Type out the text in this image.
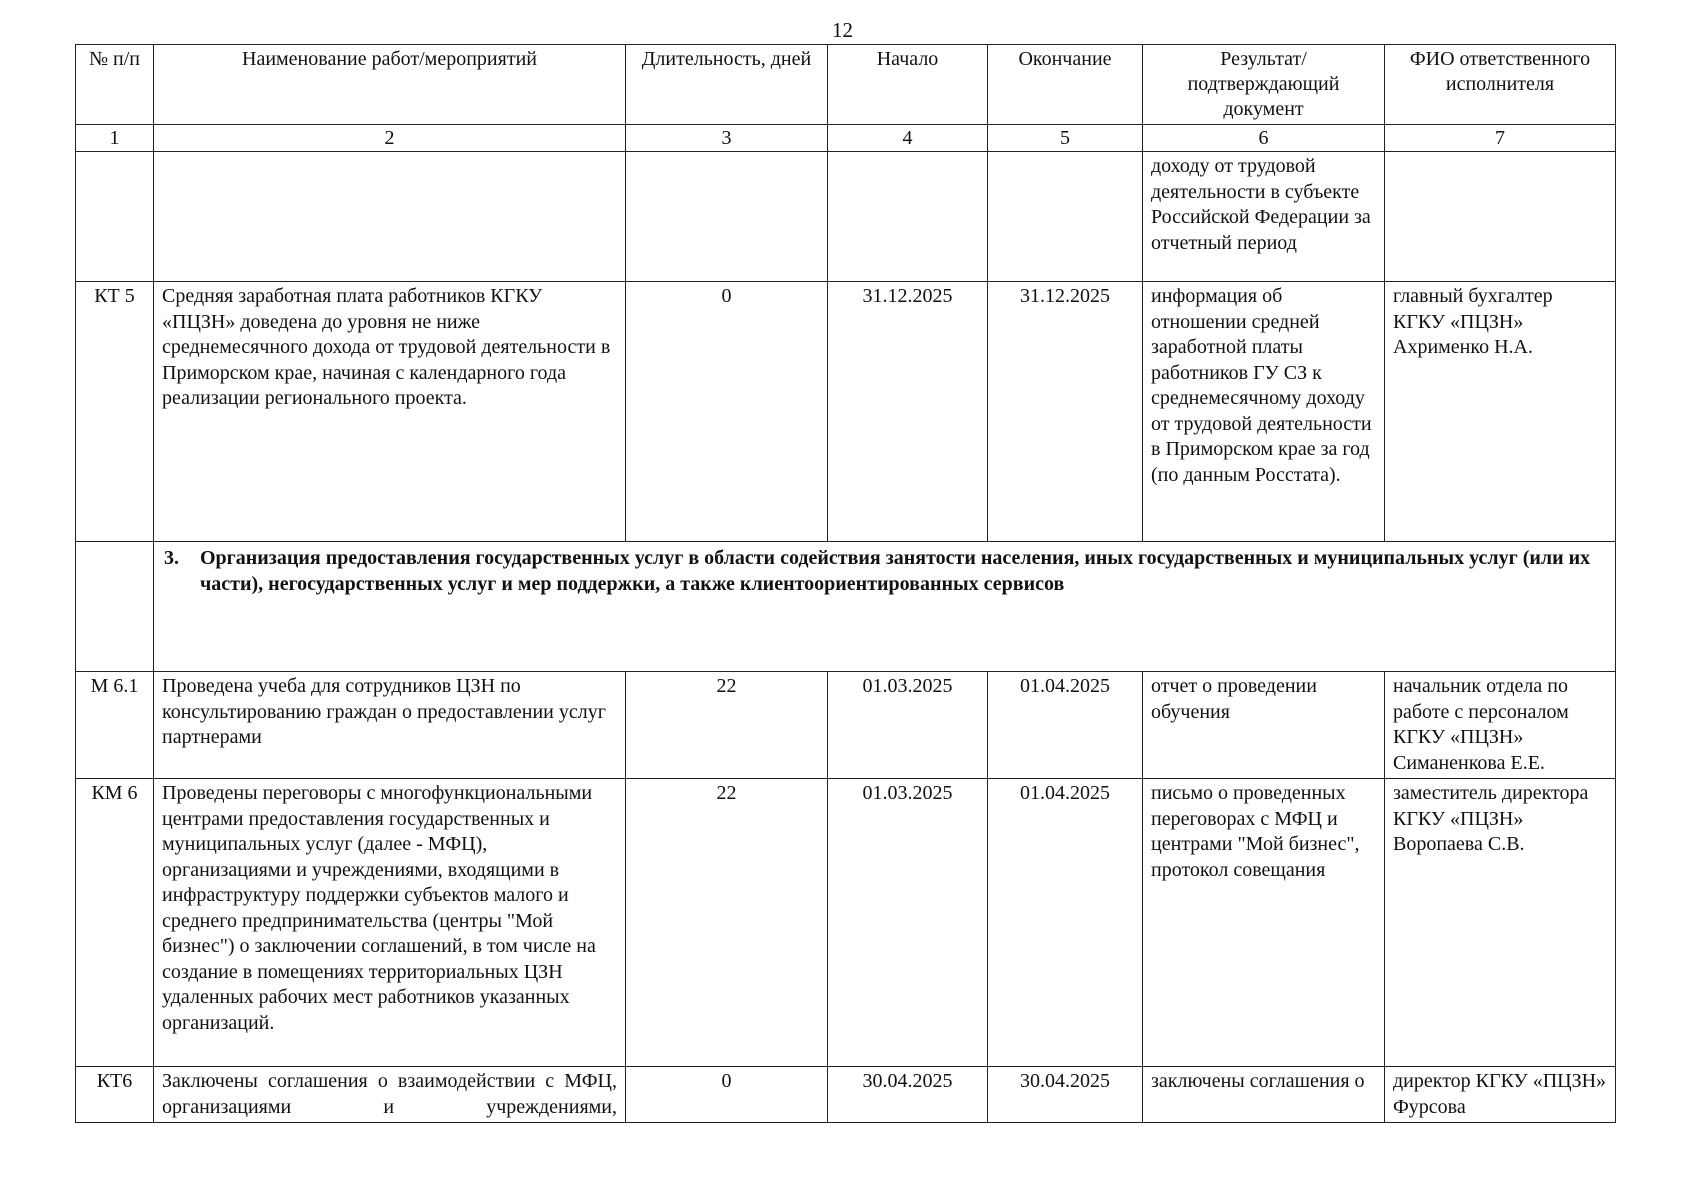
12
№ п/п	Наименование работ/мероприятий	Длительность, дней	Начало	Окончание	Результат/ подтверждающий документ	ФИО ответственного исполнителя
1	2	3	4	5	6	7
					доходу от трудовой деятельности в субъекте Российской Федерации за отчетный период	
КТ 5	Средняя заработная плата работников КГКУ «ПЦЗН» доведена до уровня не ниже среднемесячного дохода от трудовой деятельности в Приморском крае, начиная с календарного года реализации регионального проекта.	0	31.12.2025	31.12.2025	информация об отношении средней заработной платы работников ГУ СЗ к среднемесячному доходу от трудовой деятельности в Приморском крае за год (по данным Росстата).	главный бухгалтер КГКУ «ПЦЗН» Ахрименко Н.А.

	3. Организация предоставления государственных услуг в области содействия занятости населения, иных государственных и муниципальных услуг (или их части), негосударственных услуг и мер поддержки, а также клиентоориентированных сервисов					

М 6.1	Проведена учеба для сотрудников ЦЗН по консультированию граждан о предоставлении услуг партнерами	22	01.03.2025	01.04.2025	отчет о проведении обучения	начальник отдела по работе с персоналом КГКУ «ПЦЗН» Симаненкова Е.Е.
КМ 6	Проведены переговоры с многофункциональными центрами предоставления государственных и муниципальных услуг (далее - МФЦ), организациями и учреждениями, входящими в инфраструктуру поддержки субъектов малого и среднего предпринимательства (центры "Мой бизнес") о заключении соглашений, в том числе на создание в помещениях территориальных ЦЗН удаленных рабочих мест работников указанных организаций.	22	01.03.2025	01.04.2025	письмо о проведенных переговорах с МФЦ и центрами "Мой бизнес", протокол совещания	заместитель директора КГКУ «ПЦЗН» Воропаева С.В.
КТ6	Заключены соглашения о взаимодействии с МФЦ, организациями и учреждениями,	0	30.04.2025	30.04.2025	заключены соглашения о	директор КГКУ «ПЦЗН» Фурсова
